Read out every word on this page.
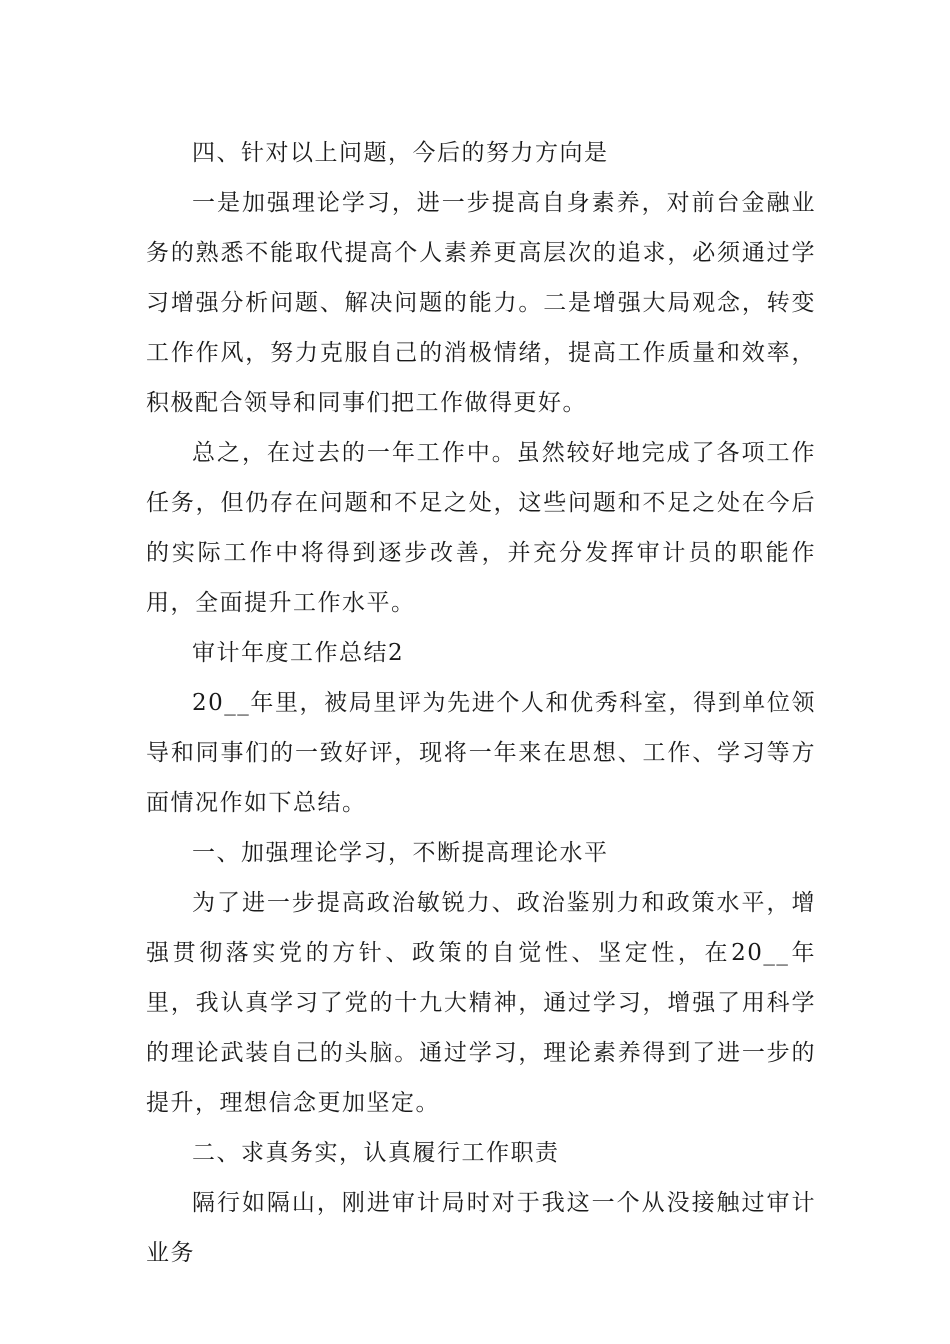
四、针对以上问题，今后的努力方向是

一是加强理论学习，进一步提高自身素养，对前台金融业务的熟悉不能取代提高个人素养更高层次的追求，必须通过学习增强分析问题、解决问题的能力。二是增强大局观念，转变工作作风，努力克服自己的消极情绪，提高工作质量和效率，积极配合领导和同事们把工作做得更好。

总之，在过去的一年工作中。虽然较好地完成了各项工作任务，但仍存在问题和不足之处，这些问题和不足之处在今后的实际工作中将得到逐步改善，并充分发挥审计员的职能作用，全面提升工作水平。

审计年度工作总结2

20__年里，被局里评为先进个人和优秀科室，得到单位领导和同事们的一致好评，现将一年来在思想、工作、学习等方面情况作如下总结。

一、加强理论学习，不断提高理论水平

为了进一步提高政治敏锐力、政治鉴别力和政策水平，增强贯彻落实党的方针、政策的自觉性、坚定性，在20__年里，我认真学习了党的十九大精神，通过学习，增强了用科学的理论武装自己的头脑。通过学习，理论素养得到了进一步的提升，理想信念更加坚定。

二、求真务实，认真履行工作职责

隔行如隔山，刚进审计局时对于我这一个从没接触过审计业务
